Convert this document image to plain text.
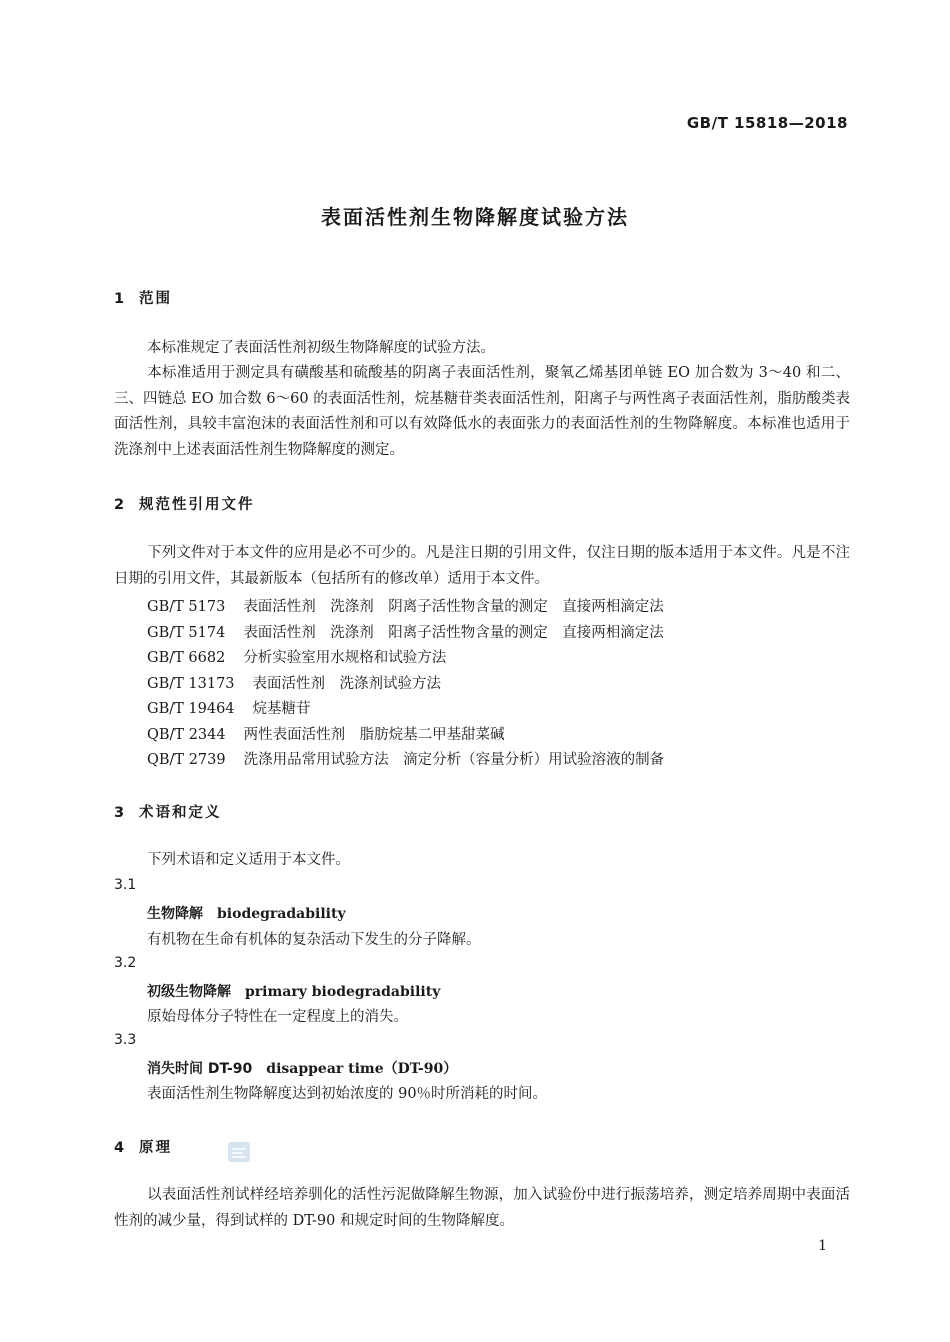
GB/T 15818—2018
表面活性剂生物降解度试验方法
1 范围
本标准规定了表面活性剂初级生物降解度的试验方法。
本标准适用于测定具有磺酸基和硫酸基的阴离子表面活性剂，聚氧乙烯基团单链 EO 加合数为 3～40 和二、三、四链总 EO 加合数 6～60 的表面活性剂，烷基糖苷类表面活性剂，阳离子与两性离子表面活性剂，脂肪酸类表面活性剂，具较丰富泡沫的表面活性剂和可以有效降低水的表面张力的表面活性剂的生物降解度。本标准也适用于洗涤剂中上述表面活性剂生物降解度的测定。
2 规范性引用文件
下列文件对于本文件的应用是必不可少的。凡是注日期的引用文件，仅注日期的版本适用于本文件。凡是不注日期的引用文件，其最新版本（包括所有的修改单）适用于本文件。
GB/T 5173 表面活性剂　洗涤剂　阴离子活性物含量的测定　直接两相滴定法
GB/T 5174 表面活性剂　洗涤剂　阳离子活性物含量的测定　直接两相滴定法
GB/T 6682 分析实验室用水规格和试验方法
GB/T 13173 表面活性剂　洗涤剂试验方法
GB/T 19464 烷基糖苷
QB/T 2344 两性表面活性剂　脂肪烷基二甲基甜菜碱
QB/T 2739 洗涤用品常用试验方法　滴定分析（容量分析）用试验溶液的制备
3 术语和定义
下列术语和定义适用于本文件。
3.1
生物降解 biodegradability
有机物在生命有机体的复杂活动下发生的分子降解。
3.2
初级生物降解 primary biodegradability
原始母体分子特性在一定程度上的消失。
3.3
消失时间 DT-90 disappear time（DT-90）
表面活性剂生物降解度达到初始浓度的 90％时所消耗的时间。
4 原理
以表面活性剂试样经培养驯化的活性污泥做降解生物源，加入试验份中进行振荡培养，测定培养周期中表面活性剂的减少量，得到试样的 DT-90 和规定时间的生物降解度。
1
